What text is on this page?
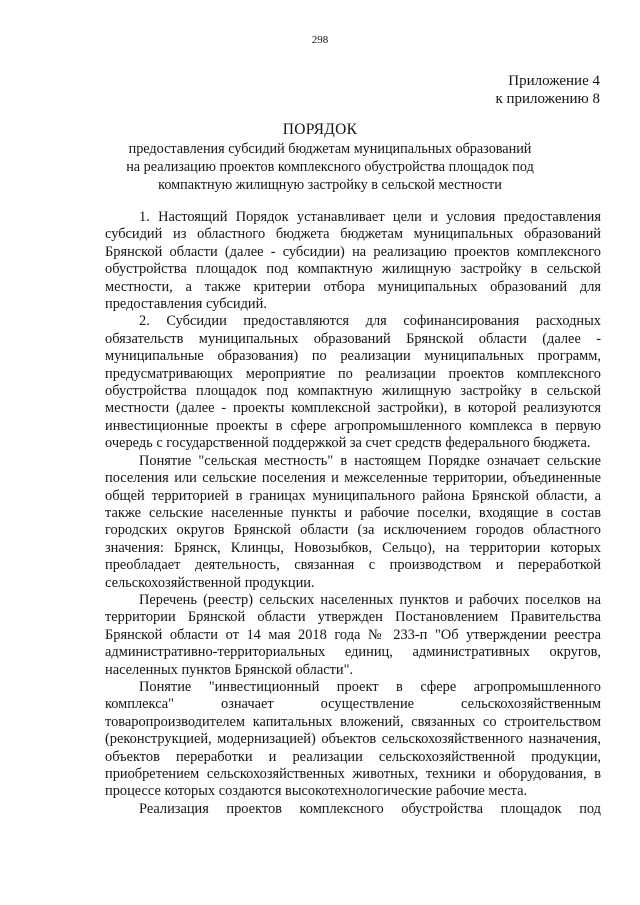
298
Приложение 4
к приложению 8
ПОРЯДОК
предоставления субсидий бюджетам муниципальных образований на реализацию проектов комплексного обустройства площадок под компактную жилищную застройку в сельской местности

1. Настоящий Порядок устанавливает цели и условия предоставления субсидий из областного бюджета бюджетам муниципальных образований Брянской области (далее - субсидии) на реализацию проектов комплексного обустройства площадок под компактную жилищную застройку в сельской местности, а также критерии отбора муниципальных образований для предоставления субсидий.

2. Субсидии предоставляются для софинансирования расходных обязательств муниципальных образований Брянской области (далее - муниципальные образования) по реализации муниципальных программ, предусматривающих мероприятие по реализации проектов комплексного обустройства площадок под компактную жилищную застройку в сельской местности (далее - проекты комплексной застройки), в которой реализуются инвестиционные проекты в сфере агропромышленного комплекса в первую очередь с государственной поддержкой за счет средств федерального бюджета.

Понятие "сельская местность" в настоящем Порядке означает сельские поселения или сельские поселения и межселенные территории, объединенные общей территорией в границах муниципального района Брянской области, а также сельские населенные пункты и рабочие поселки, входящие в состав городских округов Брянской области (за исключением городов областного значения: Брянск, Клинцы, Новозыбков, Сельцо), на территории которых преобладает деятельность, связанная с производством и переработкой сельскохозяйственной продукции.

Перечень (реестр) сельских населенных пунктов и рабочих поселков на территории Брянской области утвержден Постановлением Правительства Брянской области от 14 мая 2018 года № 233-п "Об утверждении реестра административно-территориальных единиц, административных округов, населенных пунктов Брянской области".

Понятие "инвестиционный проект в сфере агропромышленного комплекса" означает осуществление сельскохозяйственным товаропроизводителем капитальных вложений, связанных со строительством (реконструкцией, модернизацией) объектов сельскохозяйственного назначения, объектов переработки и реализации сельскохозяйственной продукции, приобретением сельскохозяйственных животных, техники и оборудования, в процессе которых создаются высокотехнологические рабочие места.

Реализация проектов комплексного обустройства площадок под
